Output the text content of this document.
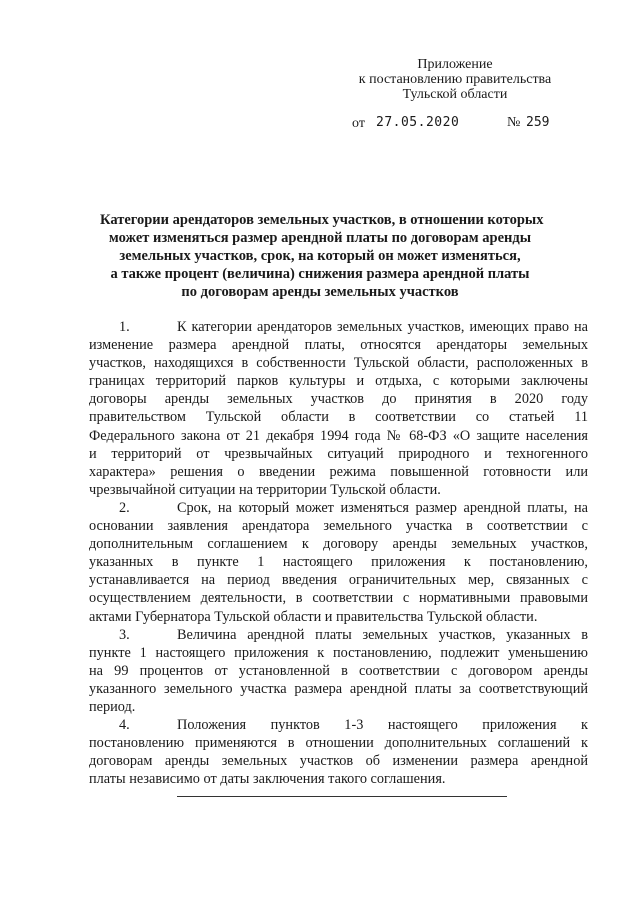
Приложение
к постановлению правительства
Тульской области
от 27.05.2020	№ 259
Категории арендаторов земельных участков, в отношении которых
может изменяться размер арендной платы по договорам аренды
земельных участков, срок, на который он может изменяться,
а также процент (величина) снижения размера арендной платы
по договорам аренды земельных участков
1.	К категории арендаторов земельных участков, имеющих право на
изменение размера арендной платы, относятся арендаторы земельных
участков, находящихся в собственности Тульской области, расположенных в
границах территорий парков культуры и отдыха, с которыми заключены
договоры аренды земельных участков до принятия в 2020 году
правительством Тульской области в соответствии со статьей 11
Федерального закона от 21 декабря 1994 года № 68-ФЗ «О защите населения
и территорий от чрезвычайных ситуаций природного и техногенного
характера» решения о введении режима повышенной готовности или
чрезвычайной ситуации на территории Тульской области.
2.	Срок, на который может изменяться размер арендной платы, на
основании заявления арендатора земельного участка в соответствии с
дополнительным соглашением к договору аренды земельных участков,
указанных в пункте 1 настоящего приложения к постановлению,
устанавливается на период введения ограничительных мер, связанных с
осуществлением деятельности, в соответствии с нормативными правовыми
актами Губернатора Тульской области и правительства Тульской области.
3.	Величина арендной платы земельных участков, указанных в
пункте 1 настоящего приложения к постановлению, подлежит уменьшению
на 99 процентов от установленной в соответствии с договором аренды
указанного земельного участка размера арендной платы за соответствующий
период.
4.	Положения пунктов 1-3 настоящего приложения к
постановлению применяются в отношении дополнительных соглашений к
договорам аренды земельных участков об изменении размера арендной
платы независимо от даты заключения такого соглашения.
